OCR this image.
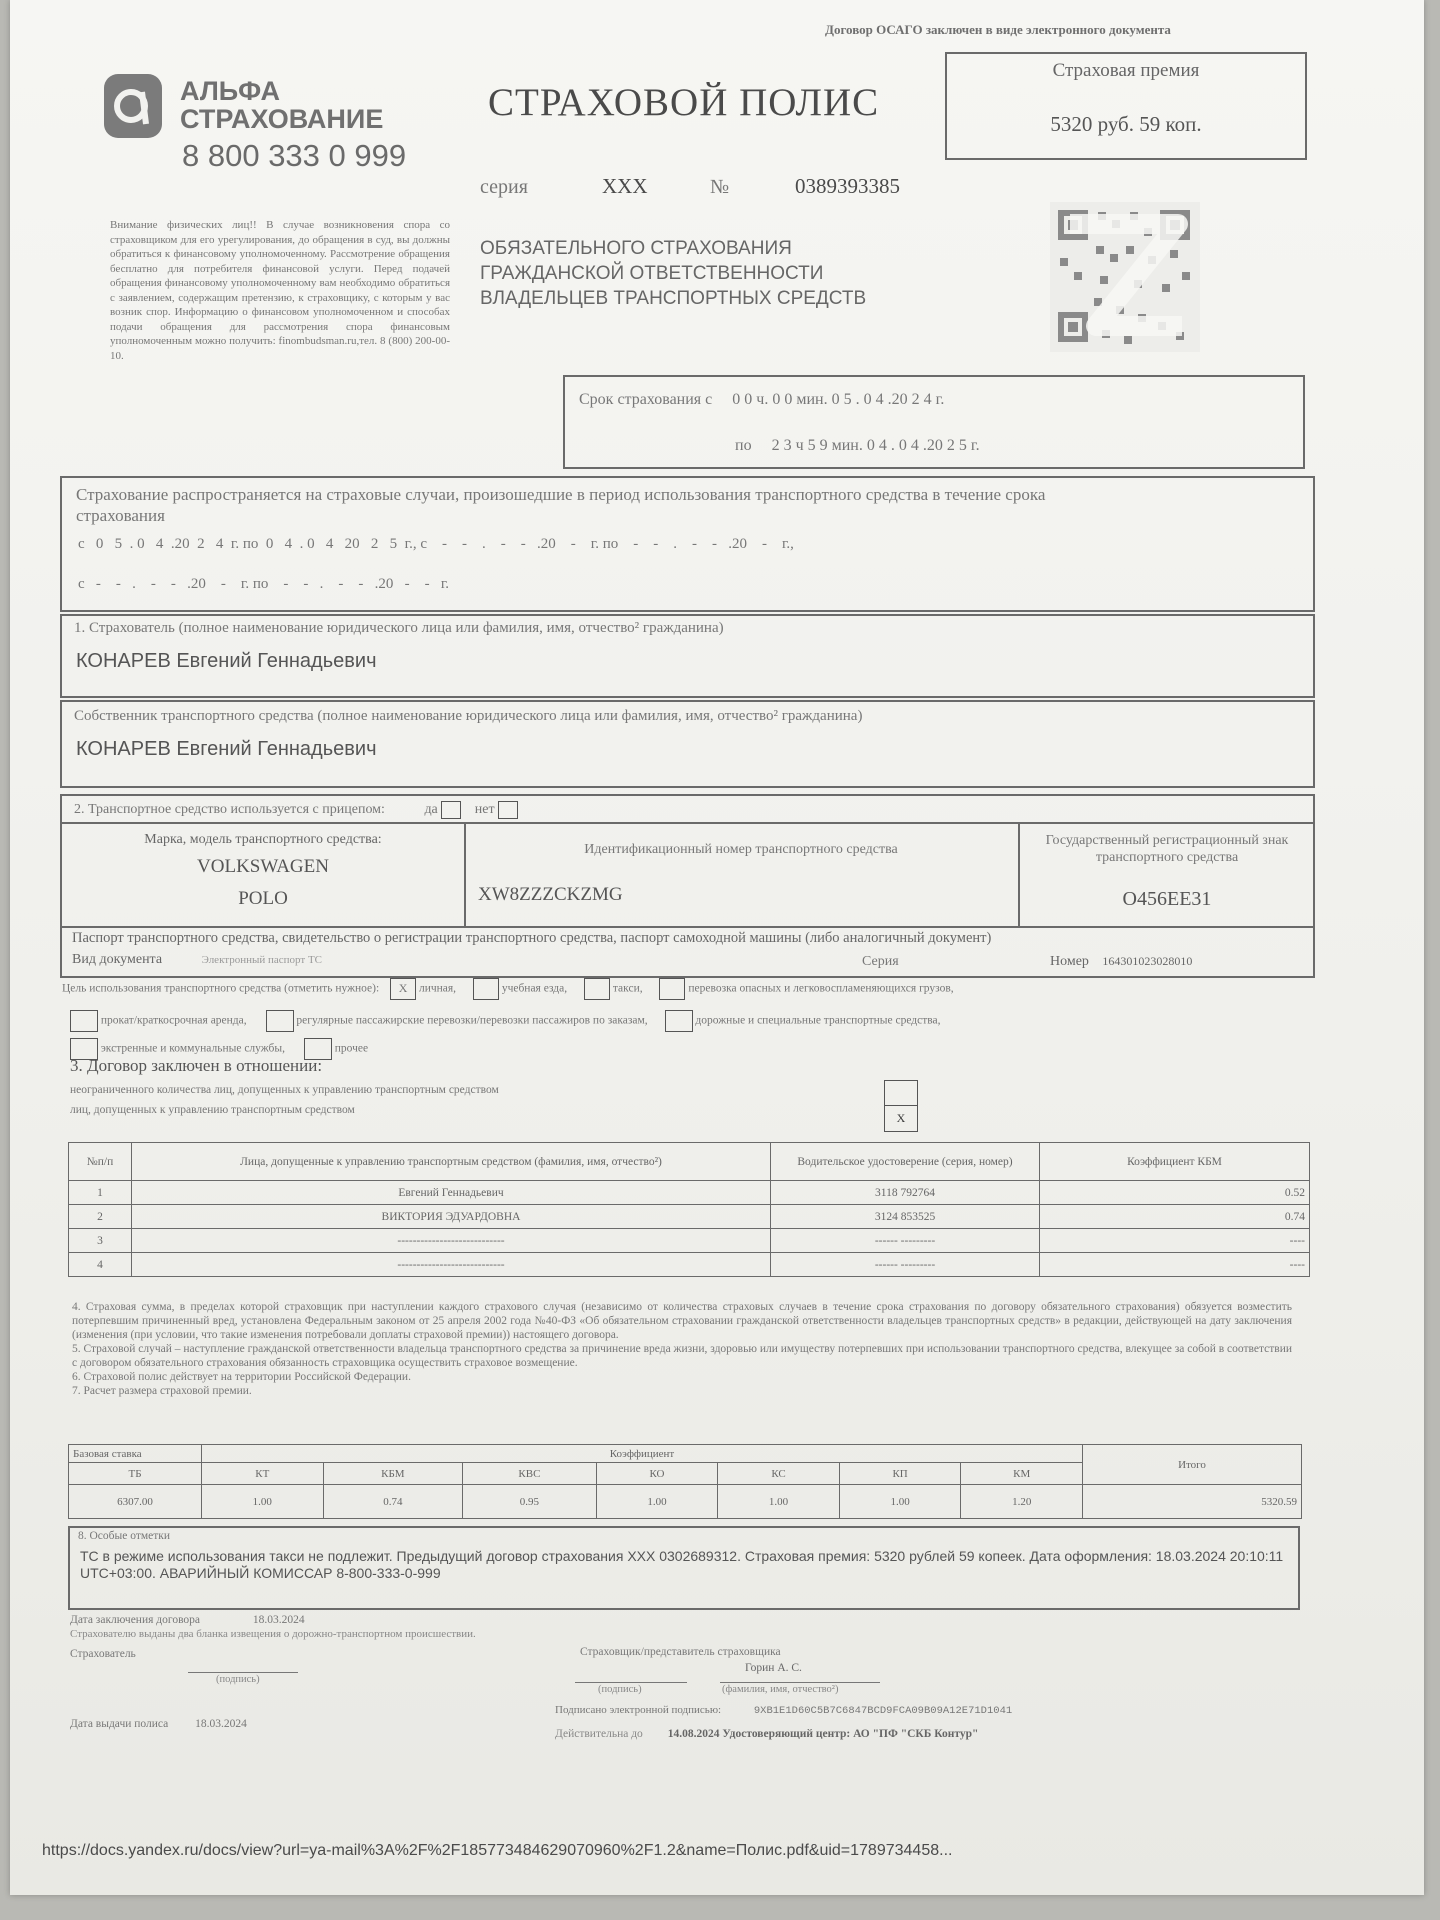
Договор ОСАГО заключен в виде электронного документа
АЛЬФА
СТРАХОВАНИЕ
8 800 333 0 999
СТРАХОВОЙ ПОЛИС
Страховая премия
5320 руб. 59 коп.
серия	XXX	№	0389393385
ОБЯЗАТЕЛЬНОГО СТРАХОВАНИЯ
ГРАЖДАНСКОЙ ОТВЕТСТВЕННОСТИ
ВЛАДЕЛЬЦЕВ ТРАНСПОРТНЫХ СРЕДСТВ
Внимание физических лиц!! В случае возникновения спора со страховщиком для его урегулирования, до обращения в суд, вы должны обратиться к финансовому уполномоченному. Рассмотрение обращения бесплатно для потребителя финансовой услуги. Перед подачей обращения финансовому уполномоченному вам необходимо обратиться с заявлением, содержащим претензию, к страховщику, с которым у вас возник спор. Информацию о финансовом уполномоченном и способах подачи обращения для рассмотрения спора финансовым уполномоченным можно получить: finombudsman.ru,тел. 8 (800) 200-00-10.
Срок страхования с 0 0 ч. 0 0 мин. 0 5 . 0 4 .20 2 4 г.
по 2 3 ч 5 9 мин. 0 4 . 0 4 .20 2 5 г.
Страхование распространяется на страховые случаи, произошедшие в период использования транспортного средства в течение срока страхования
с   0   5  . 0   4  .20  2   4  г. по  0   4  . 0   4   20   2   5  г., с    -    -    .    -    -   .20    -    г. по    -    -    .    -    -   .20    -    г.,
с   -    -   .    -    -   .20    -    г. по    -    -   .    -    -   .20   -    -   г.
1. Страхователь (полное наименование юридического лица или фамилия, имя, отчество² гражданина)
КОНАРЕВ Евгений Геннадьевич
Собственник транспортного средства (полное наименование юридического лица или фамилия, имя, отчество² гражданина)
КОНАРЕВ Евгений Геннадьевич
2. Транспортное средство используется с прицепом:	да	нет
Марка, модель транспортного средства:
VOLKSWAGEN
POLO
Идентификационный номер транспортного средства
XW8ZZZCKZMG
Государственный регистрационный знак транспортного средства
О456ЕЕ31
Паспорт транспортного средства, свидетельство о регистрации транспортного средства, паспорт самоходной машины (либо аналогичный документ)
Вид документа	Электронный паспорт ТС	Серия	Номер 164301023028010
Цель использования транспортного средства (отметить нужное): X личная,	учебная езда,	такси,	перевозка опасных и легковоспламеняющихся грузов,
прокат/краткосрочная аренда,	регулярные пассажирские перевозки/перевозки пассажиров по заказам,	дорожные и специальные транспортные средства,
экстренные и коммунальные службы,	прочее
3. Договор заключен в отношении:
неограниченного количества лиц, допущенных к управлению транспортным средством
лиц, допущенных к управлению транспортным средством
X
№п/п	Лица, допущенные к управлению транспортным средством (фамилия, имя, отчество²)	Водительское удостоверение (серия, номер)	Коэффициент КБМ
1	Евгений Геннадьевич	3118 792764	0.52
2	ВИКТОРИЯ ЭДУАРДОВНА	3124 853525	0.74
3	----------------------------	------ ---------	----
4	----------------------------	------ ---------	----
4. Страховая сумма, в пределах которой страховщик при наступлении каждого страхового случая (независимо от количества страховых случаев в течение срока страхования по договору обязательного страхования) обязуется возместить потерпевшим причиненный вред, установлена Федеральным законом от 25 апреля 2002 года №40-ФЗ «Об обязательном страховании гражданской ответственности владельцев транспортных средств» в редакции, действующей на дату заключения (изменения (при условии, что такие изменения потребовали доплаты страховой премии)) настоящего договора.
5. Страховой случай – наступление гражданской ответственности владельца транспортного средства за причинение вреда жизни, здоровью или имуществу потерпевших при использовании транспортного средства, влекущее за собой в соответствии с договором обязательного страхования обязанность страховщика осуществить страховое возмещение.
6. Страховой полис действует на территории Российской Федерации.
7. Расчет размера страховой премии.
Базовая ставка	Коэффициент							Итого
ТБ	КТ	КБМ	КВС	КО	КС	КП	КМ	
6307.00	1.00	0.74	0.95	1.00	1.00	1.00	1.20	5320.59
8. Особые отметки
ТС в режиме использования такси не подлежит. Предыдущий договор страхования XXX 0302689312. Страховая премия: 5320 рублей 59 копеек. Дата оформления: 18.03.2024 20:10:11 UTC+03:00. АВАРИЙНЫЙ КОМИССАР 8-800-333-0-999
Дата заключения договора	18.03.2024
Страхователю выданы два бланка извещения о дорожно-транспортном происшествии.
Страхователь
(подпись)
Страховщик/представитель страховщика
Горин А. С.
(подпись)	(фамилия, имя, отчество²)
Подписано электронной подписью:	9XB1E1D60C5B7C6847BCD9FCA09B09A12E71D1041
Дата выдачи полиса 18.03.2024
Действительна до 14.08.2024 Удостоверяющий центр: АО "ПФ "СКБ Контур"
https://docs.yandex.ru/docs/view?url=ya-mail%3A%2F%2F185773484629070960%2F1.2&name=Полис.pdf&uid=1789734458...
